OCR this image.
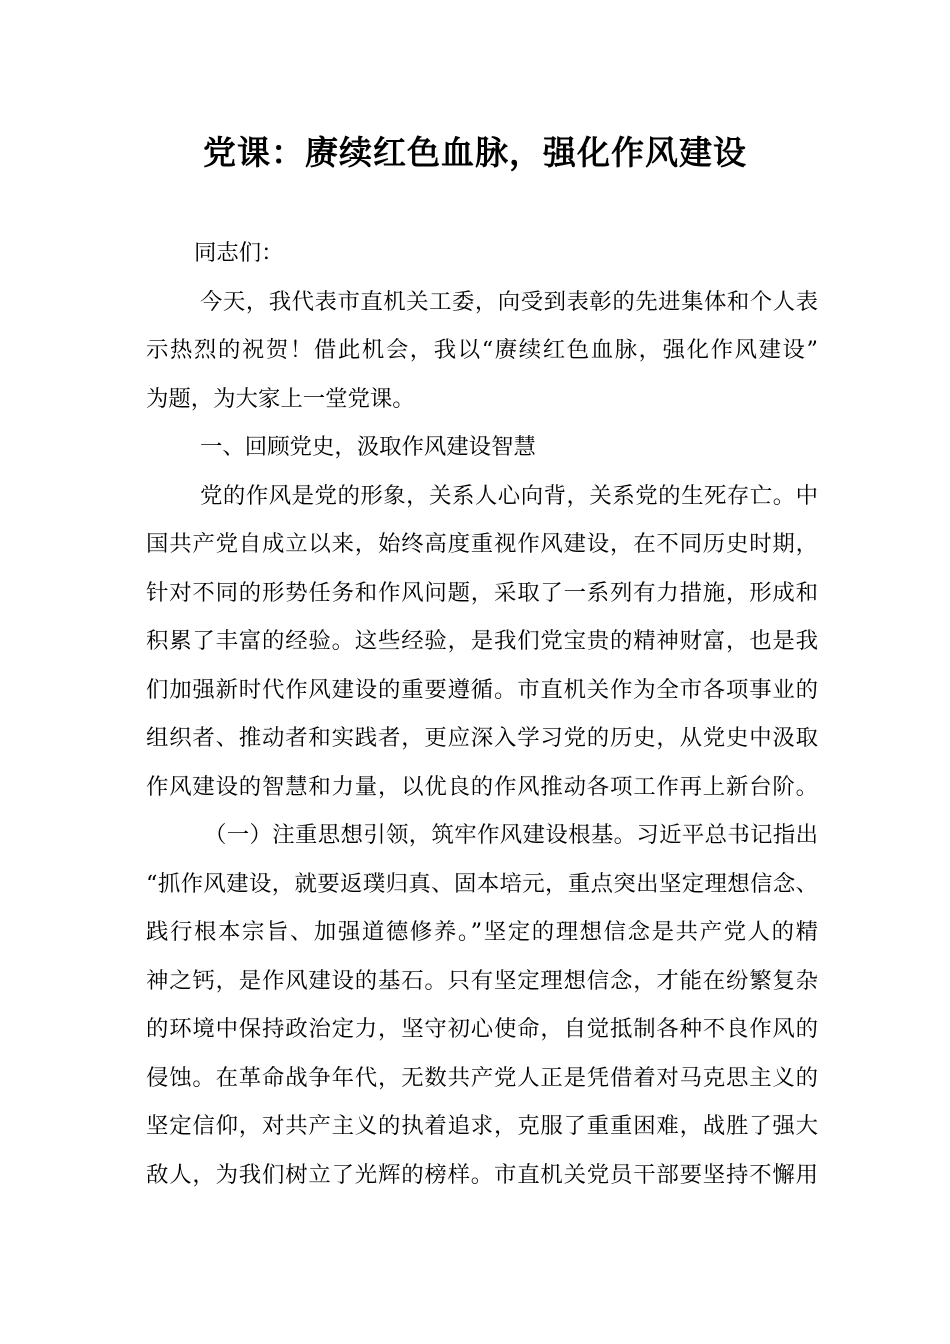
党课：赓续红色血脉，强化作风建设
同志们：
今天，我代表市直机关工委，向受到表彰的先进集体和个人表
示热烈的祝贺！借此机会，我以“赓续红色血脉，强化作风建设”
为题，为大家上一堂党课。
一、回顾党史，汲取作风建设智慧
党的作风是党的形象，关系人心向背，关系党的生死存亡。中
国共产党自成立以来，始终高度重视作风建设，在不同历史时期，
针对不同的形势任务和作风问题，采取了一系列有力措施，形成和
积累了丰富的经验。这些经验，是我们党宝贵的精神财富，也是我
们加强新时代作风建设的重要遵循。市直机关作为全市各项事业的
组织者、推动者和实践者，更应深入学习党的历史，从党史中汲取
作风建设的智慧和力量，以优良的作风推动各项工作再上新台阶。
（一）注重思想引领，筑牢作风建设根基。习近平总书记指出
“抓作风建设，就要返璞归真、固本培元，重点突出坚定理想信念、
践行根本宗旨、加强道德修养。”坚定的理想信念是共产党人的精
神之钙，是作风建设的基石。只有坚定理想信念，才能在纷繁复杂
的环境中保持政治定力，坚守初心使命，自觉抵制各种不良作风的
侵蚀。在革命战争年代，无数共产党人正是凭借着对马克思主义的
坚定信仰，对共产主义的执着追求，克服了重重困难，战胜了强大
敌人，为我们树立了光辉的榜样。市直机关党员干部要坚持不懈用
